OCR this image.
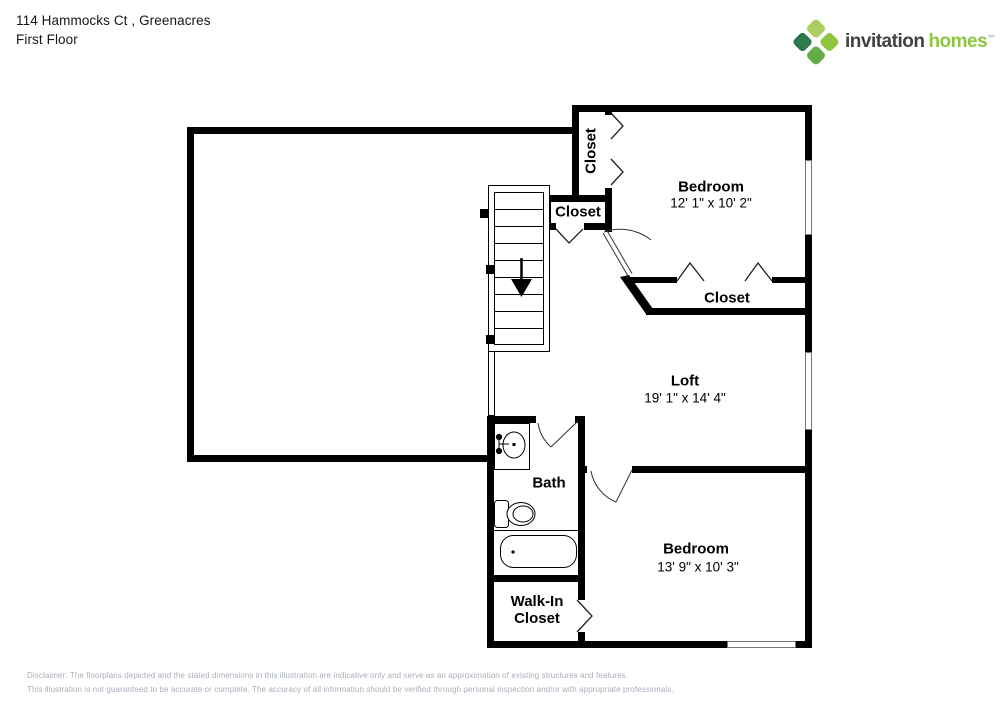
114 Hammocks Ct , Greenacres
First Floor	invitation homes™
Closet
Closet
Bedroom
12' 1" x 10' 2"
Closet
Loft
19' 1" x 14' 4"
Bath
Bedroom
13' 9" x 10' 3"
Walk-In
Closet
Disclaimer: The floorplans depicted and the stated dimensions in this illustration are indicative only and serve as an approximation of existing structures and features.
This illustration is not guaranteed to be accurate or complete. The accuracy of all information should be verified through personal inspection and/or with appropriate professionals.
